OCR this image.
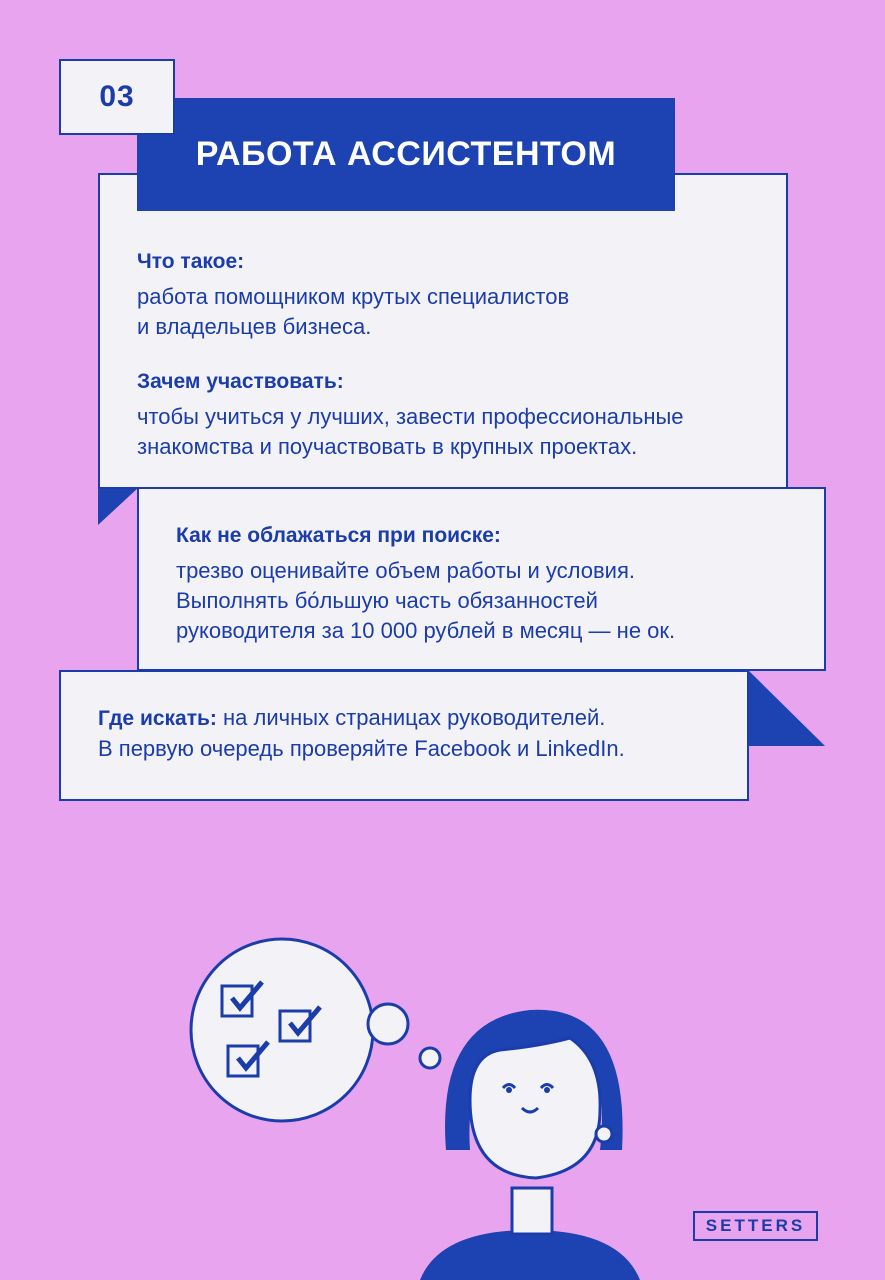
РАБОТА АССИСТЕНТОМ
03
Что такое:
работа помощником крутых специалистов
и владельцев бизнеса.
Зачем участвовать:
чтобы учиться у лучших, завести профессиональные
знакомства и поучаствовать в крупных проектах.
Как не облажаться при поиске:
трезво оценивайте объем работы и условия.
Выполнять бо́льшую часть обязанностей
руководителя за 10 000 рублей в месяц — не ок.
Где искать: на личных страницах руководителей.
В первую очередь проверяйте Facebook и LinkedIn.
SETTERS
